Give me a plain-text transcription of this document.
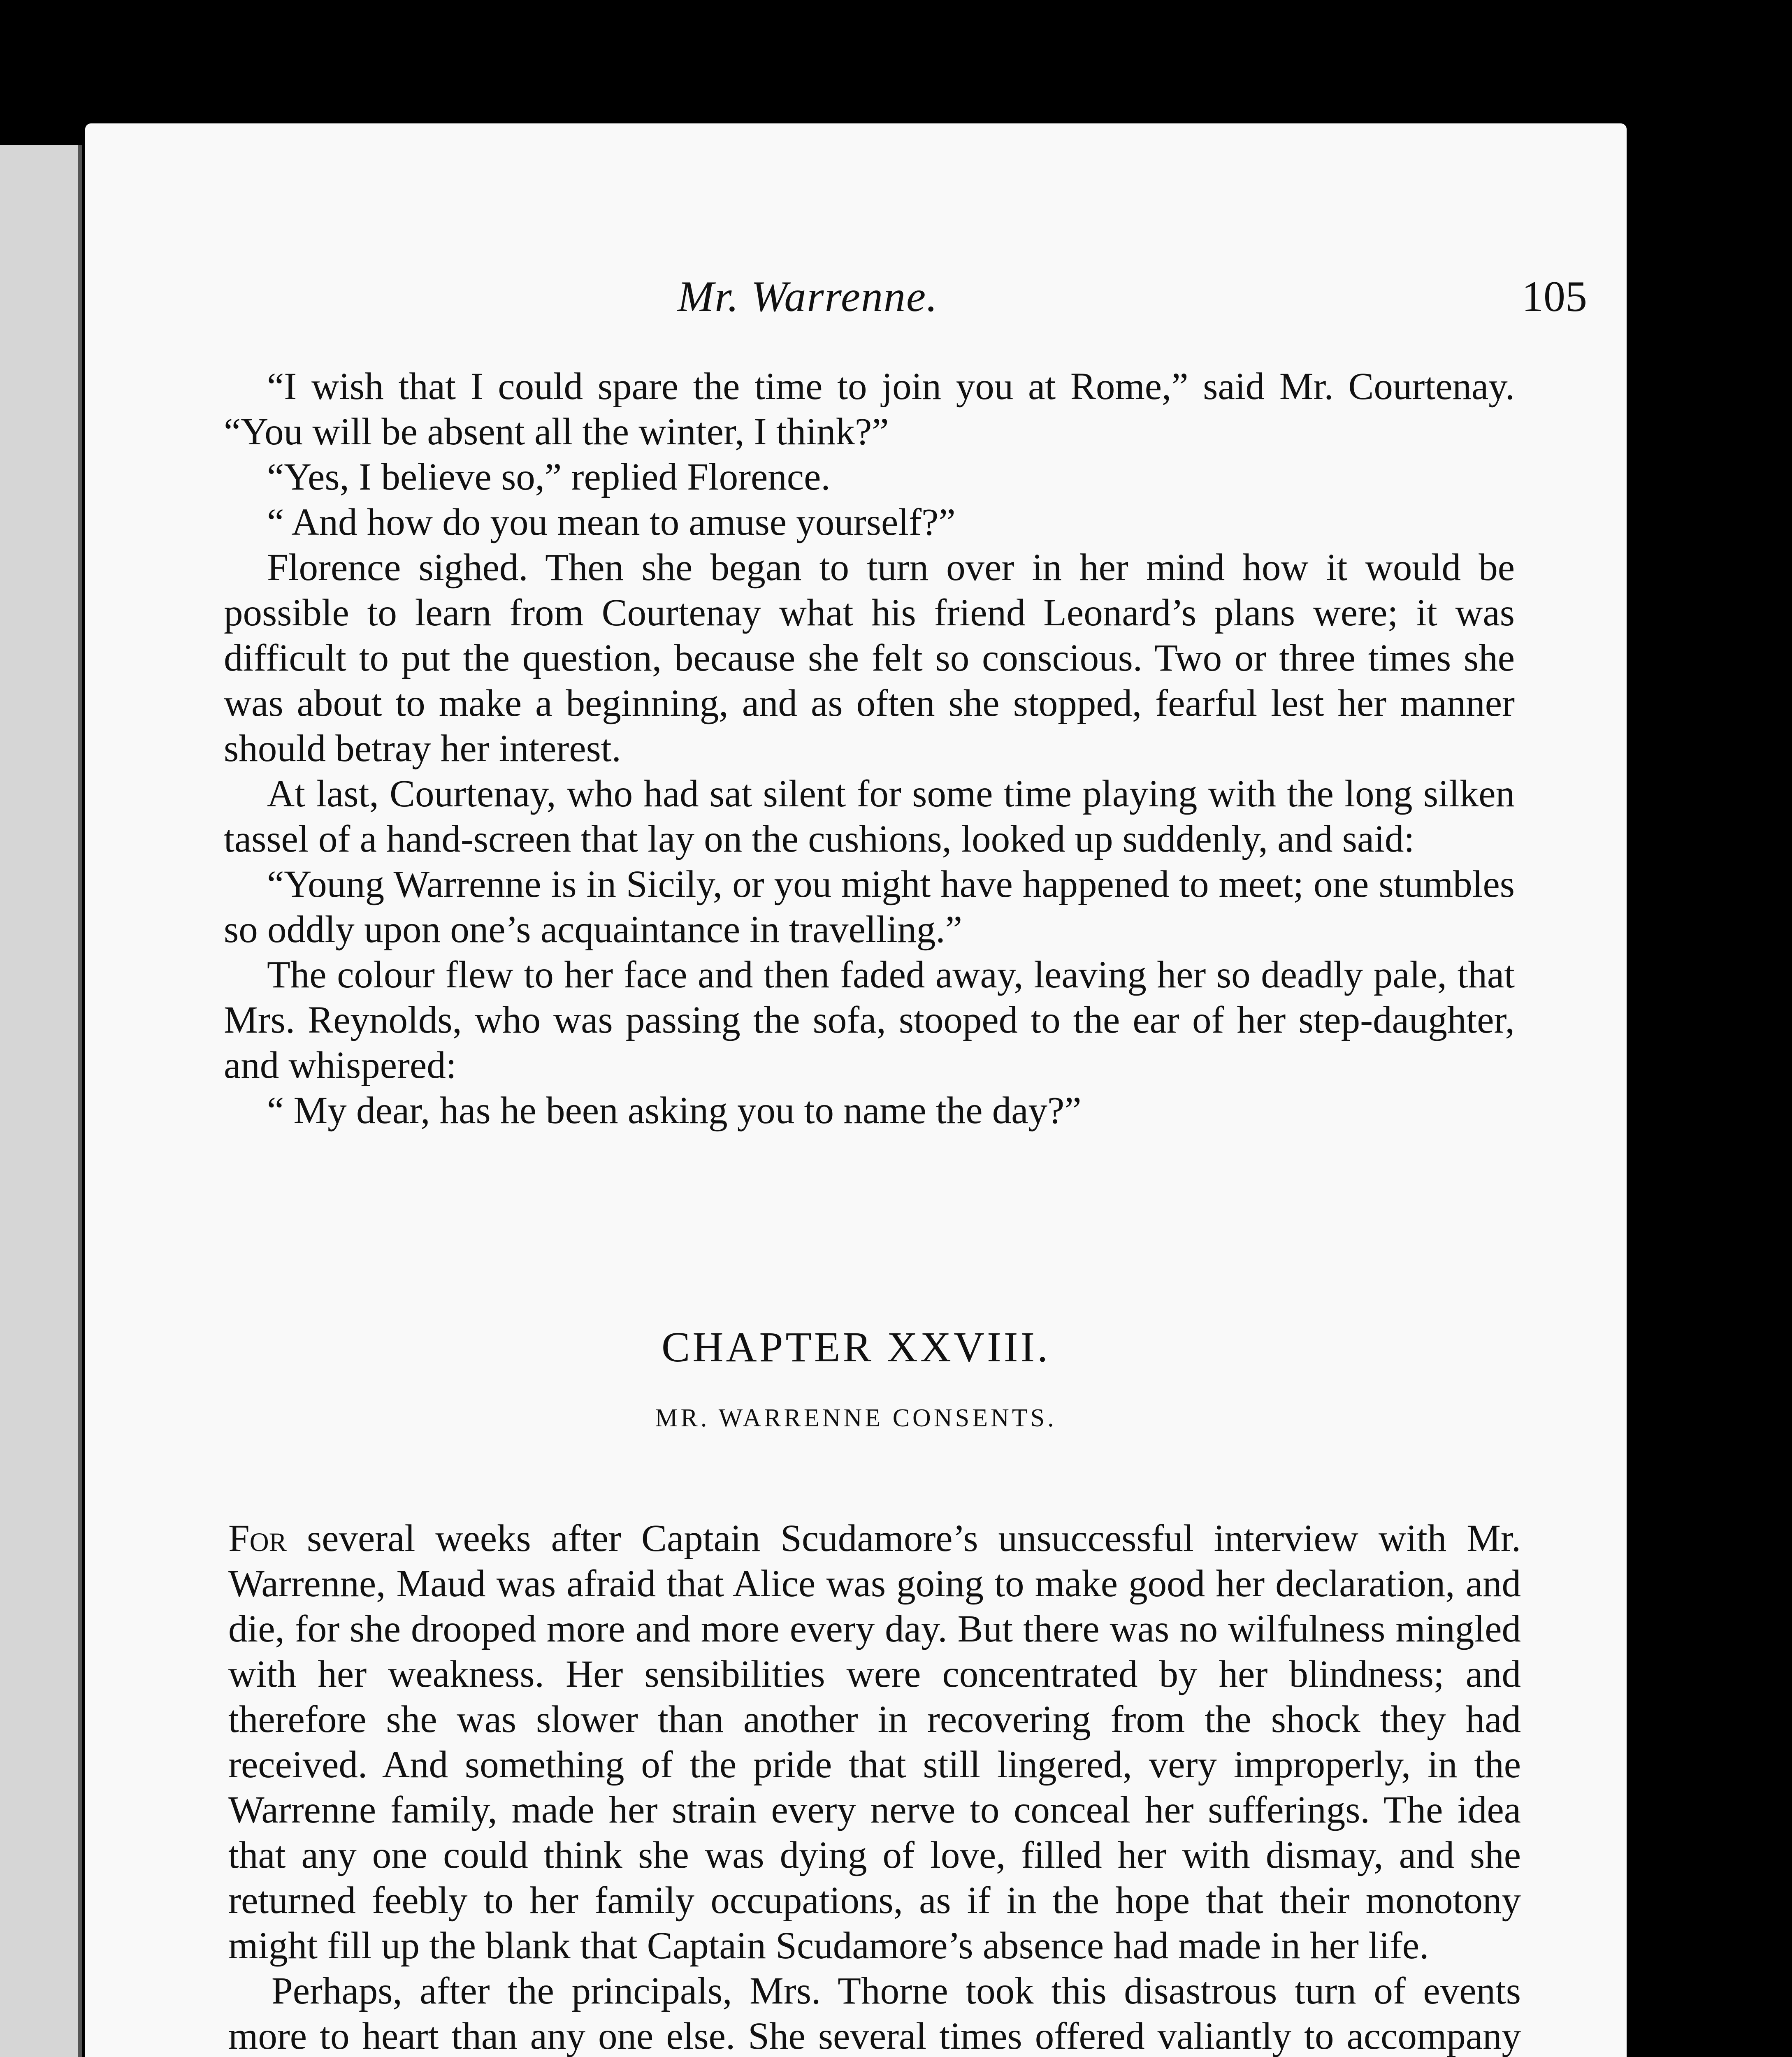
Mr. Warrenne.	105

“I wish that I could spare the time to join you at Rome,” said Mr. Courtenay. “You will be absent all the winter, I think?”

“Yes, I believe so,” replied Florence.

“ And how do you mean to amuse yourself?”

Florence sighed. Then she began to turn over in her mind how it would be possible to learn from Courtenay what his friend Leonard’s plans were; it was difficult to put the question, because she felt so conscious. Two or three times she was about to make a beginning, and as often she stopped, fearful lest her manner should betray her interest.

At last, Courtenay, who had sat silent for some time playing with the long silken tassel of a hand-screen that lay on the cushions, looked up suddenly, and said:

“Young Warrenne is in Sicily, or you might have happened to meet; one stumbles so oddly upon one’s acquaintance in travelling.”

The colour flew to her face and then faded away, leaving her so deadly pale, that Mrs. Reynolds, who was passing the sofa, stooped to the ear of her step-daughter, and whispered:

“ My dear, has he been asking you to name the day?”

CHAPTER XXVIII.
MR. WARRENNE CONSENTS.

For several weeks after Captain Scudamore’s unsuccessful interview with Mr. Warrenne, Maud was afraid that Alice was going to make good her declaration, and die, for she drooped more and more every day. But there was no wilfulness mingled with her weakness. Her sensibilities were concentrated by her blindness; and therefore she was slower than another in recovering from the shock they had received. And something of the pride that still lingered, very improperly, in the Warrenne family, made her strain every nerve to conceal her sufferings. The idea that any one could think she was dying of love, filled her with dismay, and she returned feebly to her family occupations, as if in the hope that their monotony might fill up the blank that Captain Scudamore’s absence had made in her life.

Perhaps, after the principals, Mrs. Thorne took this disastrous turn of events more to heart than any one else. She several times offered valiantly to accompany
